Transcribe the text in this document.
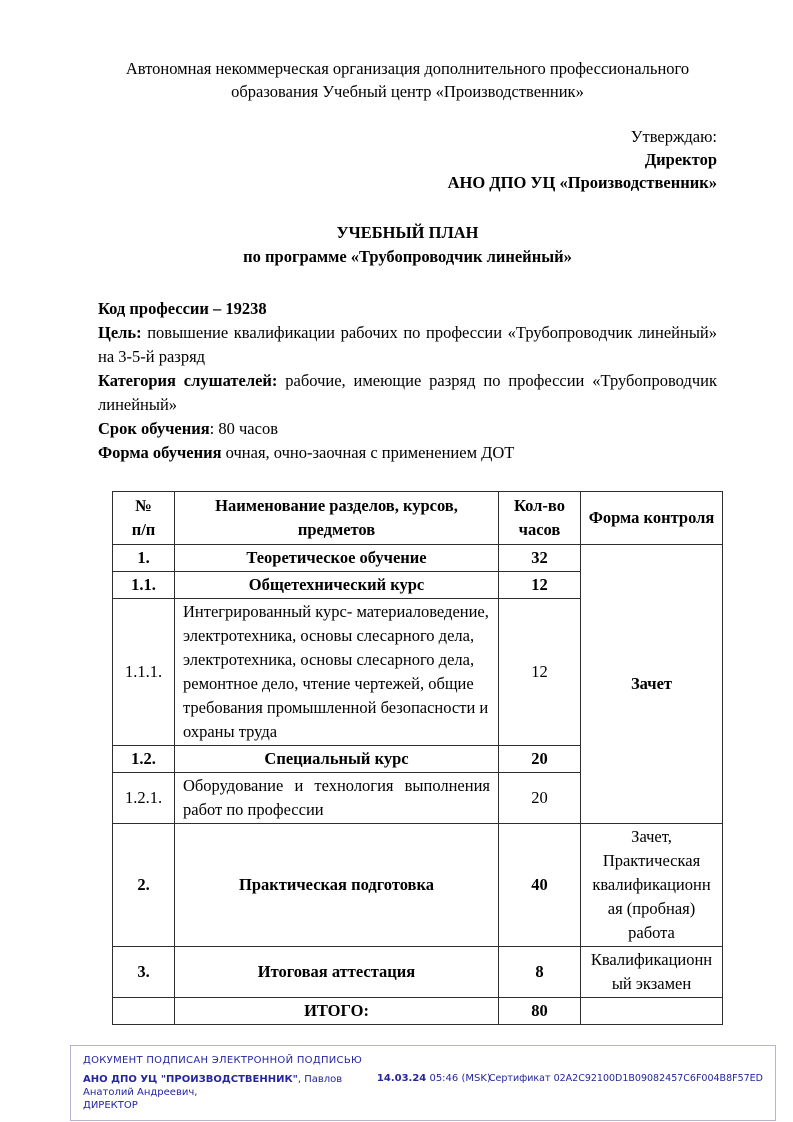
Автономная некоммерческая организация дополнительного профессионального образования Учебный центр «Производственник»

Утверждаю:
Директор
АНО ДПО УЦ «Производственник»
УЧЕБНЫЙ ПЛАН
по программе «Трубопроводчик линейный»

Код профессии – 19238

Цель: повышение квалификации рабочих по профессии «Трубопроводчик линейный» на 3-5-й разряд

Категория слушателей: рабочие, имеющие разряд по профессии «Трубопроводчик линейный»

Срок обучения: 80 часов

Форма обучения очная, очно-заочная с применением ДОТ

№ п/п	Наименование разделов, курсов, предметов	Кол-во часов	Форма контроля
1.	Теоретическое обучение	32	Зачет
1.1.	Общетехнический курс	12	
1.1.1.	Интегрированный курс- материаловедение, электротехника, основы слесарного дела, электротехника, основы слесарного дела, ремонтное дело, чтение чертежей, общие требования промышленной безопасности и охраны труда	12	
1.2.	Специальный курс	20	
1.2.1.	Оборудование и технология выполнения работ по профессии	20	
2.	Практическая подготовка	40	Зачет, Практическая квалификационная (пробная) работа
3.	Итоговая аттестация	8	Квалификационный экзамен
	ИТОГО:	80	
ДОКУМЕНТ ПОДПИСАН ЭЛЕКТРОННОЙ ПОДПИСЬЮ
АНО ДПО УЦ "ПРОИЗВОДСТВЕННИК", Павлов Анатолий Андреевич,
ДИРЕКТОР
14.03.24 05:46 (MSK)
Сертификат 02A2C92100D1B09082457C6F004B8F57ED
